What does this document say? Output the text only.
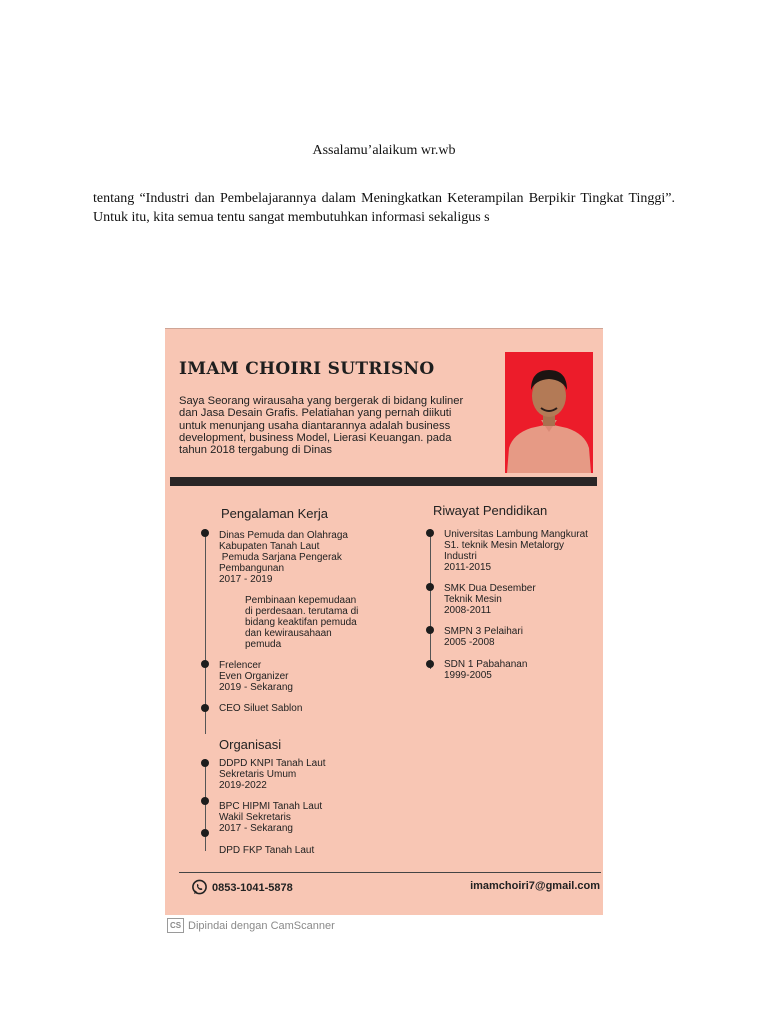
Assalamu’alaikum wr.wb
tentang “Industri dan Pembelajarannya dalam Meningkatkan Keterampilan Berpikir Tingkat Tinggi”. Untuk itu, kita semua tentu sangat membutuhkan informasi sekaligus s
IMAM CHOIRI SUTRISNO
Saya Seorang wirausaha yang bergerak di bidang kuliner dan Jasa Desain Grafis. Pelatiahan yang pernah diikuti untuk menunjang usaha diantarannya adalah business development, business Model, Lierasi Keuangan. pada tahun 2018 tergabung di Dinas
Pengalaman Kerja
Dinas Pemuda dan Olahraga
Kabupaten Tanah Laut
Pemuda Sarjana Pengerak
Pembangunan
2017 - 2019
Pembinaan kepemudaan
di perdesaan. terutama di
bidang keaktifan pemuda
dan kewirausahaan
pemuda
Frelencer
Even Organizer
2019 - Sekarang
CEO Siluet Sablon
Riwayat Pendidikan
Universitas Lambung Mangkurat
S1. teknik Mesin Metalorgy
Industri
2011-2015
SMK Dua Desember
Teknik Mesin
2008-2011
SMPN 3 Pelaihari
2005 -2008
SDN 1 Pabahanan
1999-2005
Organisasi
DDPD KNPI Tanah Laut
Sekretaris Umum
2019-2022
BPC HIPMI Tanah Laut
Wakil Sekretaris
2017 - Sekarang
DPD FKP Tanah Laut
0853-1041-5878	imamchoiri7@gmail.com
CS Dipindai dengan CamScanner
